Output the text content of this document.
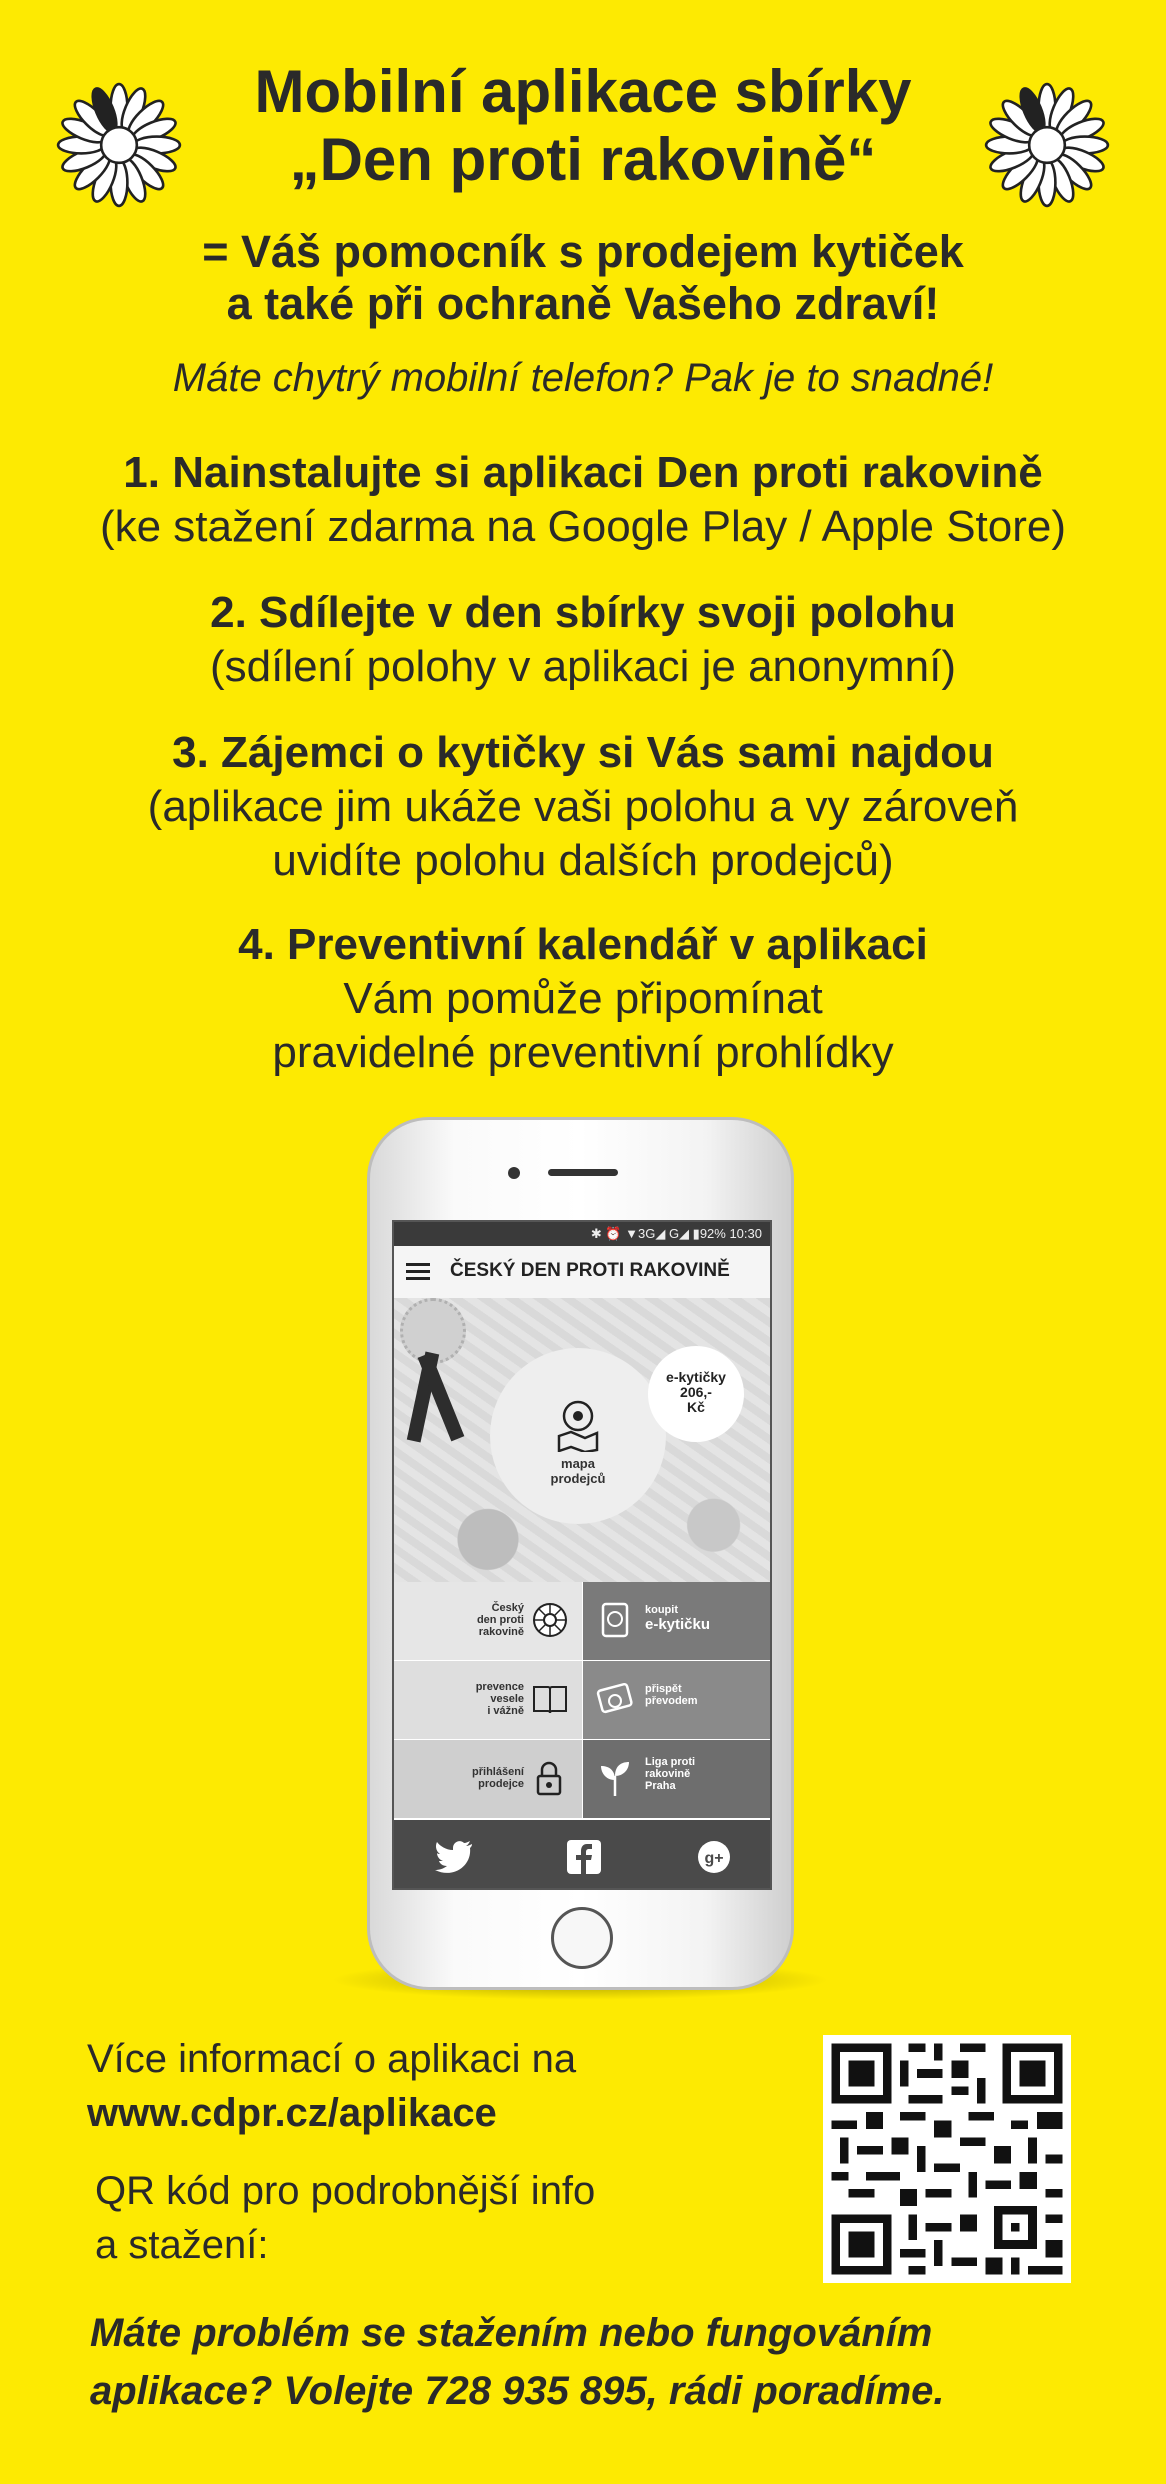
Mobilní aplikace sbírky
„Den proti rakovině“
= Váš pomocník s prodejem kytiček
a také při ochraně Vašeho zdraví!
Máte chytrý mobilní telefon? Pak je to snadné!
1. Nainstalujte si aplikaci Den proti rakovině
(ke stažení zdarma na Google Play / Apple Store)
2. Sdílejte v den sbírky svoji polohu
(sdílení polohy v aplikaci je anonymní)
3. Zájemci o kytičky si Vás sami najdou
(aplikace jim ukáže vaši polohu a vy zároveň
uvidíte polohu dalších prodejců)
4. Preventivní kalendář v aplikaci
Vám pomůže připomínat
pravidelné preventivní prohlídky
✱ ⏰ ▼3G◢ G◢ ▮92% 10:30
ČESKÝ DEN PROTI RAKOVINĚ
mapa
prodejců
e-kytičky
206,-
Kč
Český
den proti
rakovině
koupit
e-kytičku
prevence
vesele
i vážně
přispět
převodem
přihlášení
prodejce
Liga proti
rakovině
Praha
g+
Více informací o aplikaci na
www.cdpr.cz/aplikace
QR kód pro podrobnější info
a stažení:
Máte problém se stažením nebo fungováním
aplikace? Volejte 728 935 895, rádi poradíme.
